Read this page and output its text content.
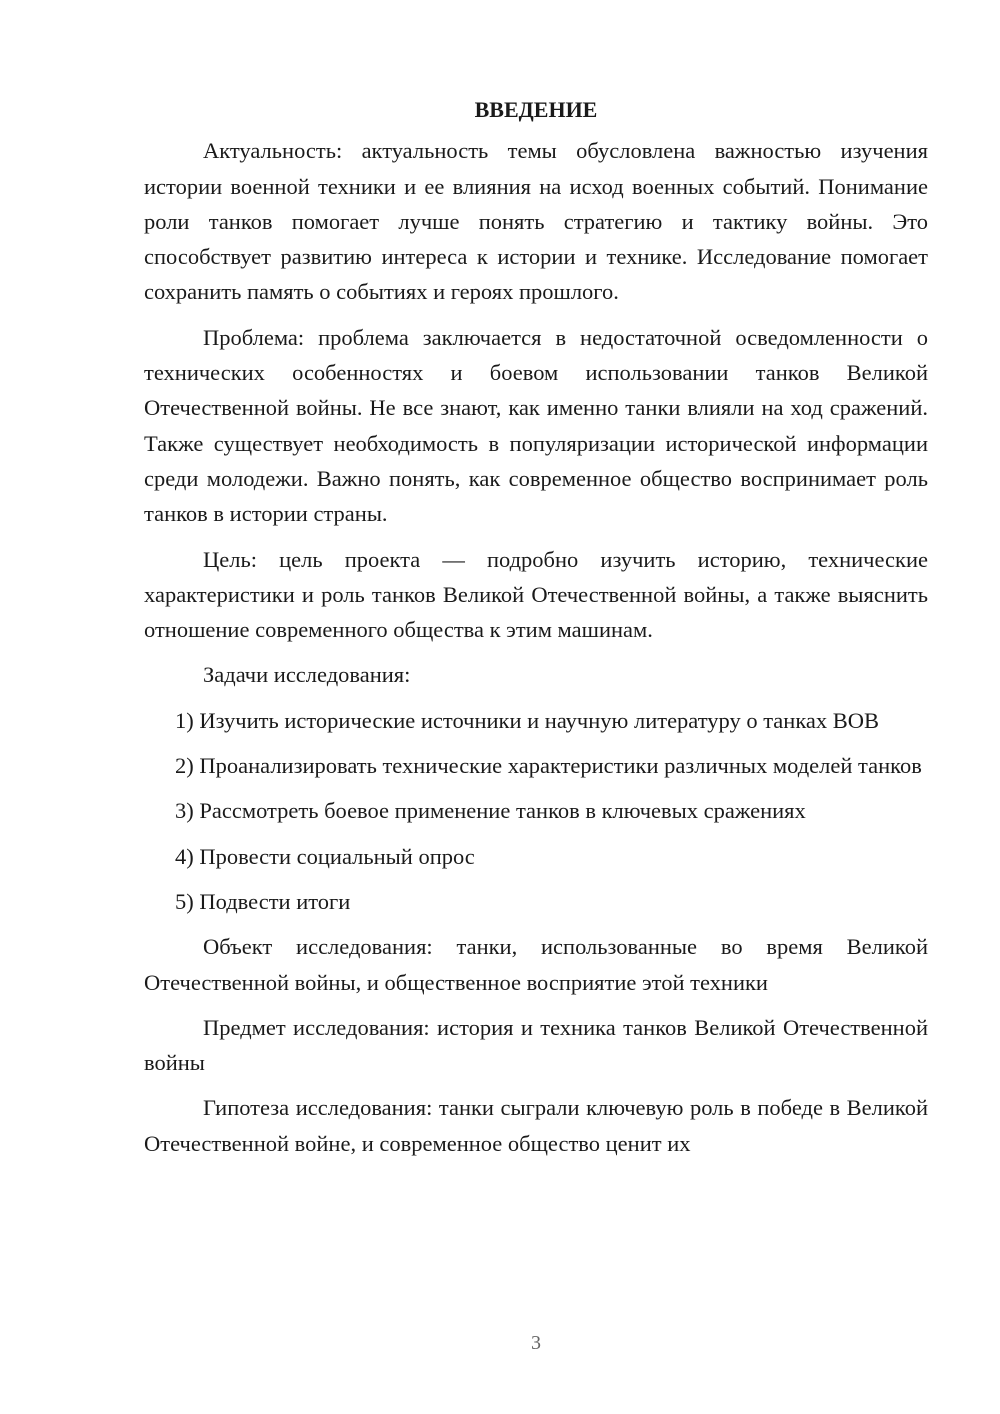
ВВЕДЕНИЕ

Актуальность: актуальность темы обусловлена важностью изучения истории военной техники и ее влияния на исход военных событий. Понимание роли танков помогает лучше понять стратегию и тактику войны. Это способствует развитию интереса к истории и технике. Исследование помогает сохранить память о событиях и героях прошлого.

Проблема: проблема заключается в недостаточной осведомленности о технических особенностях и боевом использовании танков Великой Отечественной войны. Не все знают, как именно танки влияли на ход сражений. Также существует необходимость в популяризации исторической информации среди молодежи. Важно понять, как современное общество воспринимает роль танков в истории страны.

Цель: цель проекта — подробно изучить историю, технические характеристики и роль танков Великой Отечественной войны, а также выяснить отношение современного общества к этим машинам.

Задачи исследования:

1) Изучить исторические источники и научную литературу о танках ВОВ

2) Проанализировать технические характеристики различных моделей танков

3) Рассмотреть боевое применение танков в ключевых сражениях

4) Провести социальный опрос

5) Подвести итоги

Объект исследования: танки, использованные во время Великой Отечественной войны, и общественное восприятие этой техники

Предмет исследования: история и техника танков Великой Отечественной войны

Гипотеза исследования: танки сыграли ключевую роль в победе в Великой Отечественной войне, и современное общество ценит их

3
